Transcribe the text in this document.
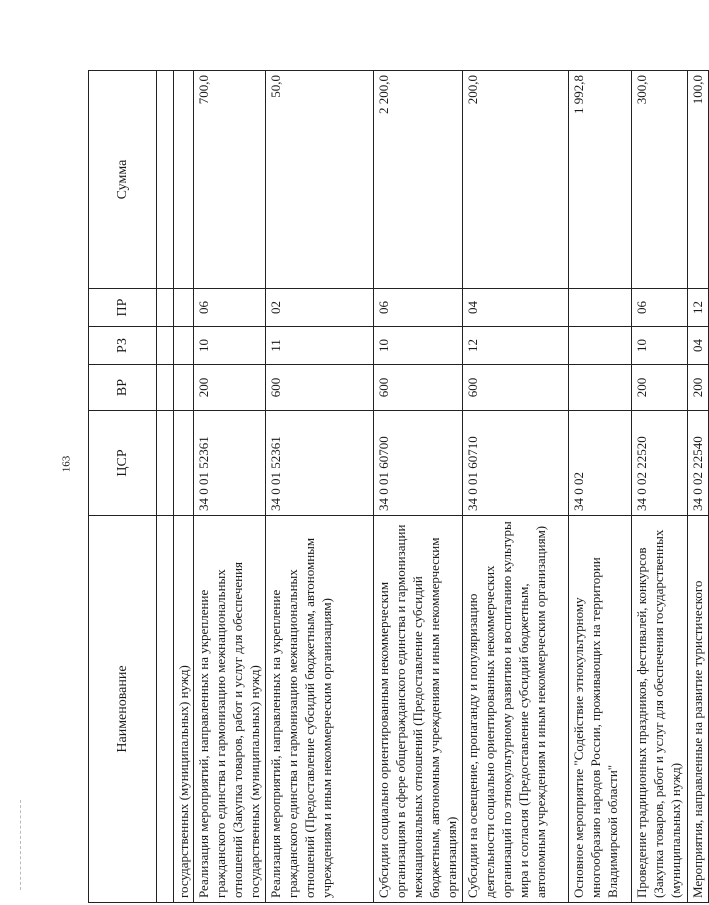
163
Наименование	ЦСР	ВР	РЗ	ПР	Сумма

государственных (муниципальных) нужд)					
Реализация мероприятий, направленных на укрепление гражданского единства и гармонизацию межнациональных отношений (Закупка товаров, работ и услуг для обеспечения государственных (муниципальных) нужд)	34 0 01 52361	200	10	06	700,0
Реализация мероприятий, направленных на укрепление гражданского единства и гармонизацию межнациональных отношений (Предоставление субсидий бюджетным, автономным учреждениям и иным некоммерческим организациям)	34 0 01 52361	600	11	02	50,0
Субсидии социально ориентированным некоммерческим организациям в сфере общегражданского единства и гармонизации межнациональных отношений (Предоставление субсидий бюджетным, автономным учреждениям и иным некоммерческим организациям)	34 0 01 60700	600	10	06	2 200,0
Субсидии на освещение, пропаганду и популяризацию деятельности социально ориентированных некоммерческих организаций по этнокультурному развитию и воспитанию культуры мира и согласия (Предоставление субсидий бюджетным, автономным учреждениям и иным некоммерческим организациям)	34 0 01 60710	600	12	04	200,0
Основное мероприятие "Содействие этнокультурному многообразию народов России, проживающих на территории Владимирской области"	34 0 02				1 992,8
Проведение традиционных праздников, фестивалей, конкурсов (Закупка товаров, работ и услуг для обеспечения государственных (муниципальных) нужд)	34 0 02 22520	200	10	06	300,0
Мероприятия, направленные на развитие туристического	34 0 02 22540	200	04	12	100,0
